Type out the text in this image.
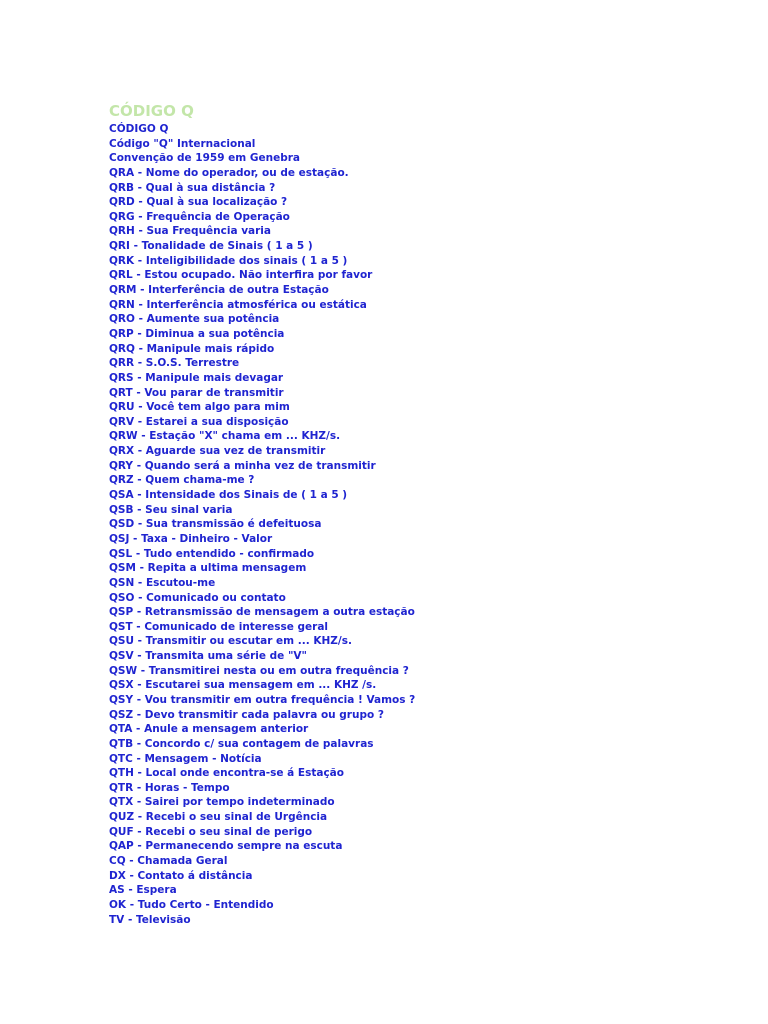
CÓDIGO Q
CÓDIGO Q
Código "Q" Internacional
Convenção de 1959 em Genebra
QRA - Nome do operador, ou de estação.
QRB - Qual à sua distância ?
QRD - Qual à sua localização ?
QRG - Frequência de Operação
QRH - Sua Frequência varia
QRI - Tonalidade de Sinais ( 1 a 5 )
QRK - Inteligibilidade dos sinais ( 1 a 5 )
QRL - Estou ocupado. Não interfira por favor
QRM - Interferência de outra Estação
QRN - Interferência atmosférica ou estática
QRO - Aumente sua potência
QRP - Diminua a sua potência
QRQ - Manipule mais rápido
QRR - S.O.S. Terrestre
QRS - Manipule mais devagar
QRT - Vou parar de transmitir
QRU - Você tem algo para mim
QRV - Estarei a sua disposição
QRW - Estação "X" chama em ... KHZ/s.
QRX - Aguarde sua vez de transmitir
QRY - Quando será a minha vez de transmitir
QRZ - Quem chama-me ?
QSA - Intensidade dos Sinais de ( 1 a 5 )
QSB - Seu sinal varia
QSD - Sua transmissão é defeituosa
QSJ - Taxa - Dinheiro - Valor
QSL - Tudo entendido - confirmado
QSM - Repita a ultima mensagem
QSN - Escutou-me
QSO - Comunicado ou contato
QSP - Retransmissão de mensagem a outra estação
QST - Comunicado de interesse geral
QSU - Transmitir ou escutar em ... KHZ/s.
QSV - Transmita uma série de "V"
QSW - Transmitirei nesta ou em outra frequência ?
QSX - Escutarei sua mensagem em ... KHZ /s.
QSY - Vou transmitir em outra frequência ! Vamos ?
QSZ - Devo transmitir cada palavra ou grupo ?
QTA - Anule a mensagem anterior
QTB - Concordo c/ sua contagem de palavras
QTC - Mensagem - Notícia
QTH - Local onde encontra-se á Estação
QTR - Horas - Tempo
QTX - Sairei por tempo indeterminado
QUZ - Recebi o seu sinal de Urgência
QUF - Recebi o seu sinal de perigo
QAP - Permanecendo sempre na escuta
CQ - Chamada Geral
DX - Contato á distância
AS - Espera
OK - Tudo Certo - Entendido
TV - Televisão
